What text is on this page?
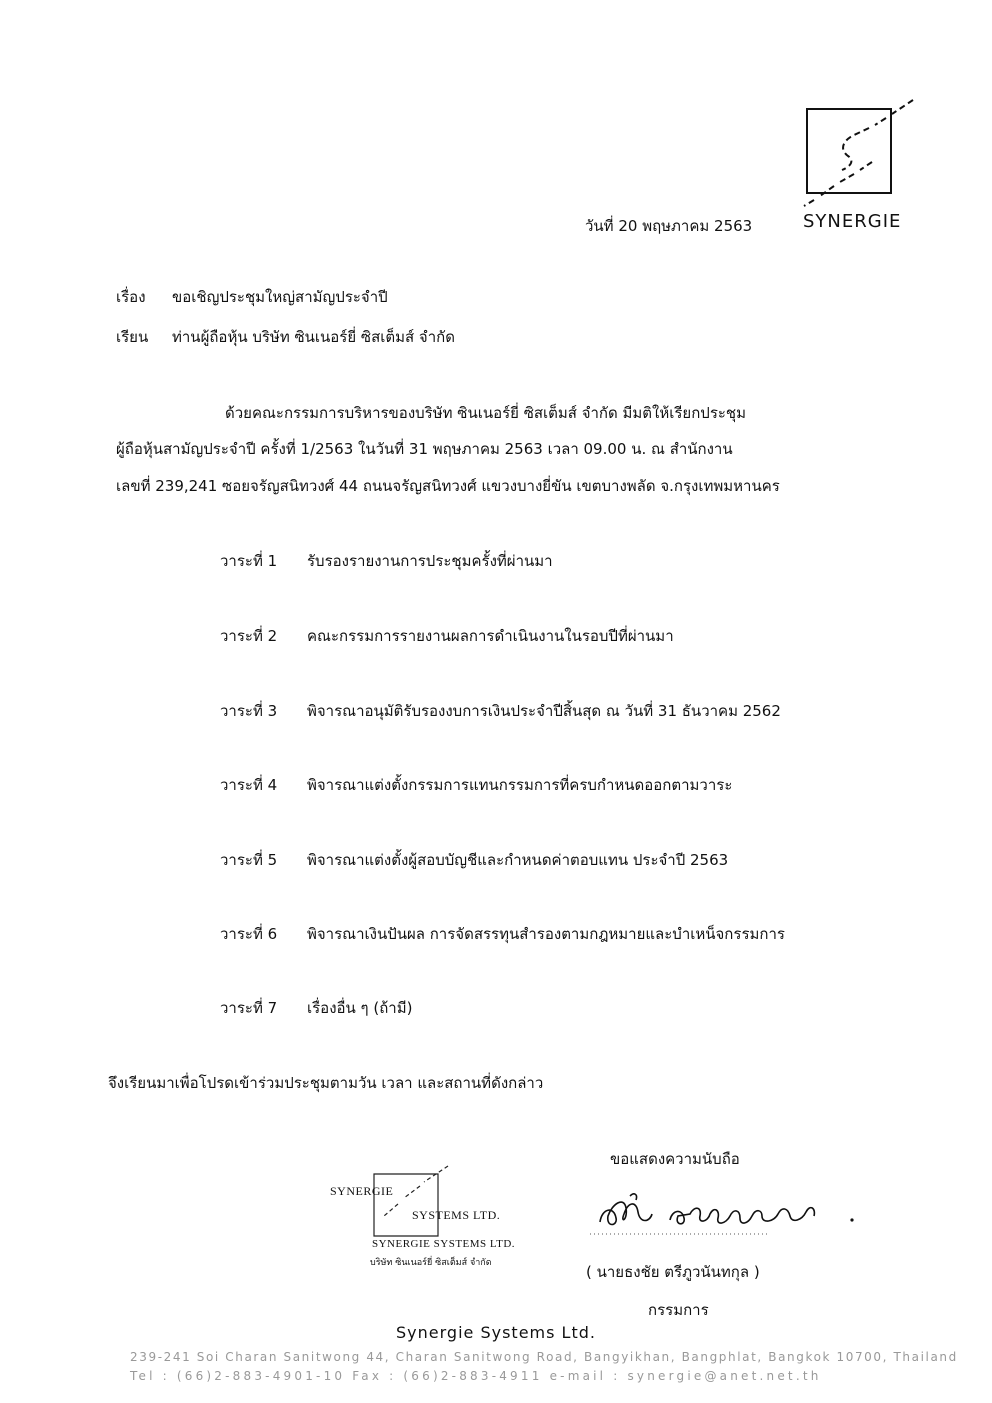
SYNERGIE
วันที่ 20 พฤษภาคม 2563
เรื่อง ขอเชิญประชุมใหญ่สามัญประจำปี
เรียน ท่านผู้ถือหุ้น บริษัท ซินเนอร์ยี่ ซิสเต็มส์ จำกัด
ด้วยคณะกรรมการบริหารของบริษัท ซินเนอร์ยี่ ซิสเต็มส์ จำกัด มีมติให้เรียกประชุม
ผู้ถือหุ้นสามัญประจำปี ครั้งที่ 1/2563 ในวันที่ 31 พฤษภาคม 2563 เวลา 09.00 น. ณ สำนักงาน
เลขที่ 239,241 ซอยจรัญสนิทวงศ์ 44 ถนนจรัญสนิทวงศ์ แขวงบางยี่ขัน เขตบางพลัด จ.กรุงเทพมหานคร
วาระที่ 1 รับรองรายงานการประชุมครั้งที่ผ่านมา
วาระที่ 2 คณะกรรมการรายงานผลการดำเนินงานในรอบปีที่ผ่านมา
วาระที่ 3 พิจารณาอนุมัติรับรองงบการเงินประจำปีสิ้นสุด ณ วันที่ 31 ธันวาคม 2562
วาระที่ 4 พิจารณาแต่งตั้งกรรมการแทนกรรมการที่ครบกำหนดออกตามวาระ
วาระที่ 5 พิจารณาแต่งตั้งผู้สอบบัญชีและกำหนดค่าตอบแทน ประจำปี 2563
วาระที่ 6 พิจารณาเงินปันผล การจัดสรรทุนสำรองตามกฎหมายและบำเหน็จกรรมการ
วาระที่ 7 เรื่องอื่น ๆ (ถ้ามี)
จึงเรียนมาเพื่อโปรดเข้าร่วมประชุมตามวัน เวลา และสถานที่ดังกล่าว
SYNERGIE
SYSTEMS LTD.
SYNERGIE SYSTEMS LTD.
บริษัท ซินเนอร์ยี่ ซิสเต็มส์ จำกัด
ขอแสดงความนับถือ
( นายธงชัย ตรีภูวนันทกุล )
กรรมการ
Synergie Systems Ltd.
239-241 Soi Charan Sanitwong 44, Charan Sanitwong Road, Bangyikhan, Bangphlat, Bangkok 10700, Thailand
Tel : (66)2-883-4901-10 Fax : (66)2-883-4911 e-mail : synergie@anet.net.th
